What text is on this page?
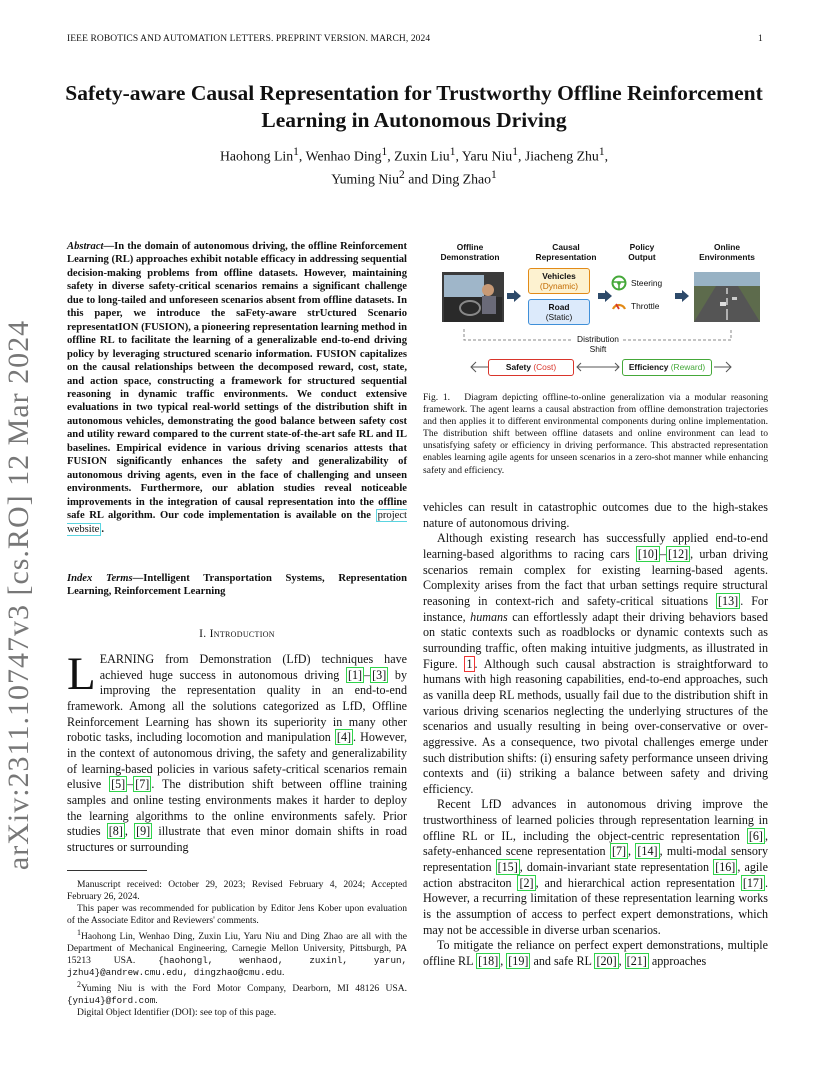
IEEE ROBOTICS AND AUTOMATION LETTERS. PREPRINT VERSION. MARCH, 2024	1
arXiv:2311.10747v3 [cs.RO] 12 Mar 2024
Safety-aware Causal Representation for Trustworthy Offline Reinforcement Learning in Autonomous Driving
Haohong Lin$^1$, Wenhao Ding$^1$, Zuxin Liu$^1$, Yaru Niu$^1$, Jiacheng Zhu$^1$,
Yuming Niu$^2$ and Ding Zhao$^1$
Abstract—In the domain of autonomous driving, the offline Reinforcement Learning (RL) approaches exhibit notable efficacy in addressing sequential decision-making problems from offline datasets. However, maintaining safety in diverse safety-critical scenarios remains a significant challenge due to long-tailed and unforeseen scenarios absent from offline datasets. In this paper, we introduce the saFety-aware strUctured Scenario representatION (FUSION), a pioneering representation learning method in offline RL to facilitate the learning of a generalizable end-to-end driving policy by leveraging structured scenario information. FUSION capitalizes on the causal relationships between the decomposed reward, cost, state, and action space, constructing a framework for structured sequential reasoning in dynamic traffic environments. We conduct extensive evaluations in two typical real-world settings of the distribution shift in autonomous vehicles, demonstrating the good balance between safety cost and utility reward compared to the current state-of-the-art safe RL and IL baselines. Empirical evidence in various driving scenarios attests that FUSION significantly enhances the safety and generalizability of autonomous driving agents, even in the face of challenging and unseen environments. Furthermore, our ablation studies reveal noticeable improvements in the integration of causal representation into the offline safe RL algorithm. Our code implementation is available on the project website .
Index Terms—Intelligent Transportation Systems, Representation Learning, Reinforcement Learning
I. Introduction
LEARNING from Demonstration (LfD) techniques have achieved huge success in autonomous driving [1] – [3] by improving the representation quality in an end-to-end framework. Among all the solutions categorized as LfD, Offline Reinforcement Learning has shown its superiority in many other robotic tasks, including locomotion and manipulation [4] . However, in the context of autonomous driving, the safety and generalizability of learning-based policies in various safety-critical scenarios remain elusive [5] – [7] . The distribution shift between offline training samples and online testing environments makes it harder to deploy the learning algorithms to the online environments safely. Prior studies [8] , [9] illustrate that even minor domain shifts in road structures or surrounding

Manuscript received: October 29, 2023; Revised February 4, 2024; Accepted February 26, 2024.

This paper was recommended for publication by Editor Jens Kober upon evaluation of the Associate Editor and Reviewers' comments.

$^1$Haohong Lin, Wenhao Ding, Zuxin Liu, Yaru Niu and Ding Zhao are all with the Department of Mechanical Engineering, Carnegie Mellon University, Pittsburgh, PA 15213 USA. {haohongl, wenhaod, zuxinl, yarun, jzhu4}@andrew.cmu.edu, dingzhao@cmu.edu.

$^2$Yuming Niu is with the Ford Motor Company, Dearborn, MI 48126 USA. {yniu4}@ford.com.

Digital Object Identifier (DOI): see top of this page.

Offline
Demonstration
Causal
Representation
Policy
Output
Online
Environments
Vehicles
(Dynamic)
Road
(Static)
Steering
Throttle
Distribution
Shift
Safety (Cost)	Efficiency (Reward)
Fig. 1. Diagram depicting offline-to-online generalization via a modular reasoning framework. The agent learns a causal abstraction from offline demonstration trajectories and then applies it to different environmental components during online implementation. The distribution shift between offline datasets and online environment can lead to unsatisfying safety or efficiency in driving performance. This abstracted representation enables learning agile agents for unseen scenarios in a zero-shot manner while enhancing safety and efficiency.

vehicles can result in catastrophic outcomes due to the high-stakes nature of autonomous driving.

Although existing research has successfully applied end-to-end learning-based algorithms to racing cars [10] – [12] , urban driving scenarios remain complex for existing learning-based agents. Complexity arises from the fact that urban settings require structural reasoning in context-rich and safety-critical situations [13] . For instance, humans can effortlessly adapt their driving behaviors based on static contexts such as roadblocks or dynamic contexts such as surrounding traffic, often making intuitive judgments, as illustrated in Figure. 1 . Although such causal abstraction is straightforward to humans with high reasoning capabilities, end-to-end approaches, such as vanilla deep RL methods, usually fail due to the distribution shift in various driving scenarios neglecting the underlying structures of the scenarios and usually resulting in being over-conservative or over-aggressive. As a consequence, two pivotal challenges emerge under such distribution shifts: (i) ensuring safety performance unseen driving contexts and (ii) striking a balance between safety and driving efficiency.

Recent LfD advances in autonomous driving improve the trustworthiness of learned policies through representation learning in offline RL or IL, including the object-centric representation [6] , safety-enhanced scene representation [7] , [14] , multi-modal sensory representation [15] , domain-invariant state representation [16] , agile action abstraciton [2] , and hierarchical action representation [17] . However, a recurring limitation of these representation learning works is the assumption of access to perfect expert demonstrations, which may not be accessible in diverse urban scenarios.

To mitigate the reliance on perfect expert demonstrations, multiple offline RL [18] , [19] and safe RL [20] , [21] approaches
